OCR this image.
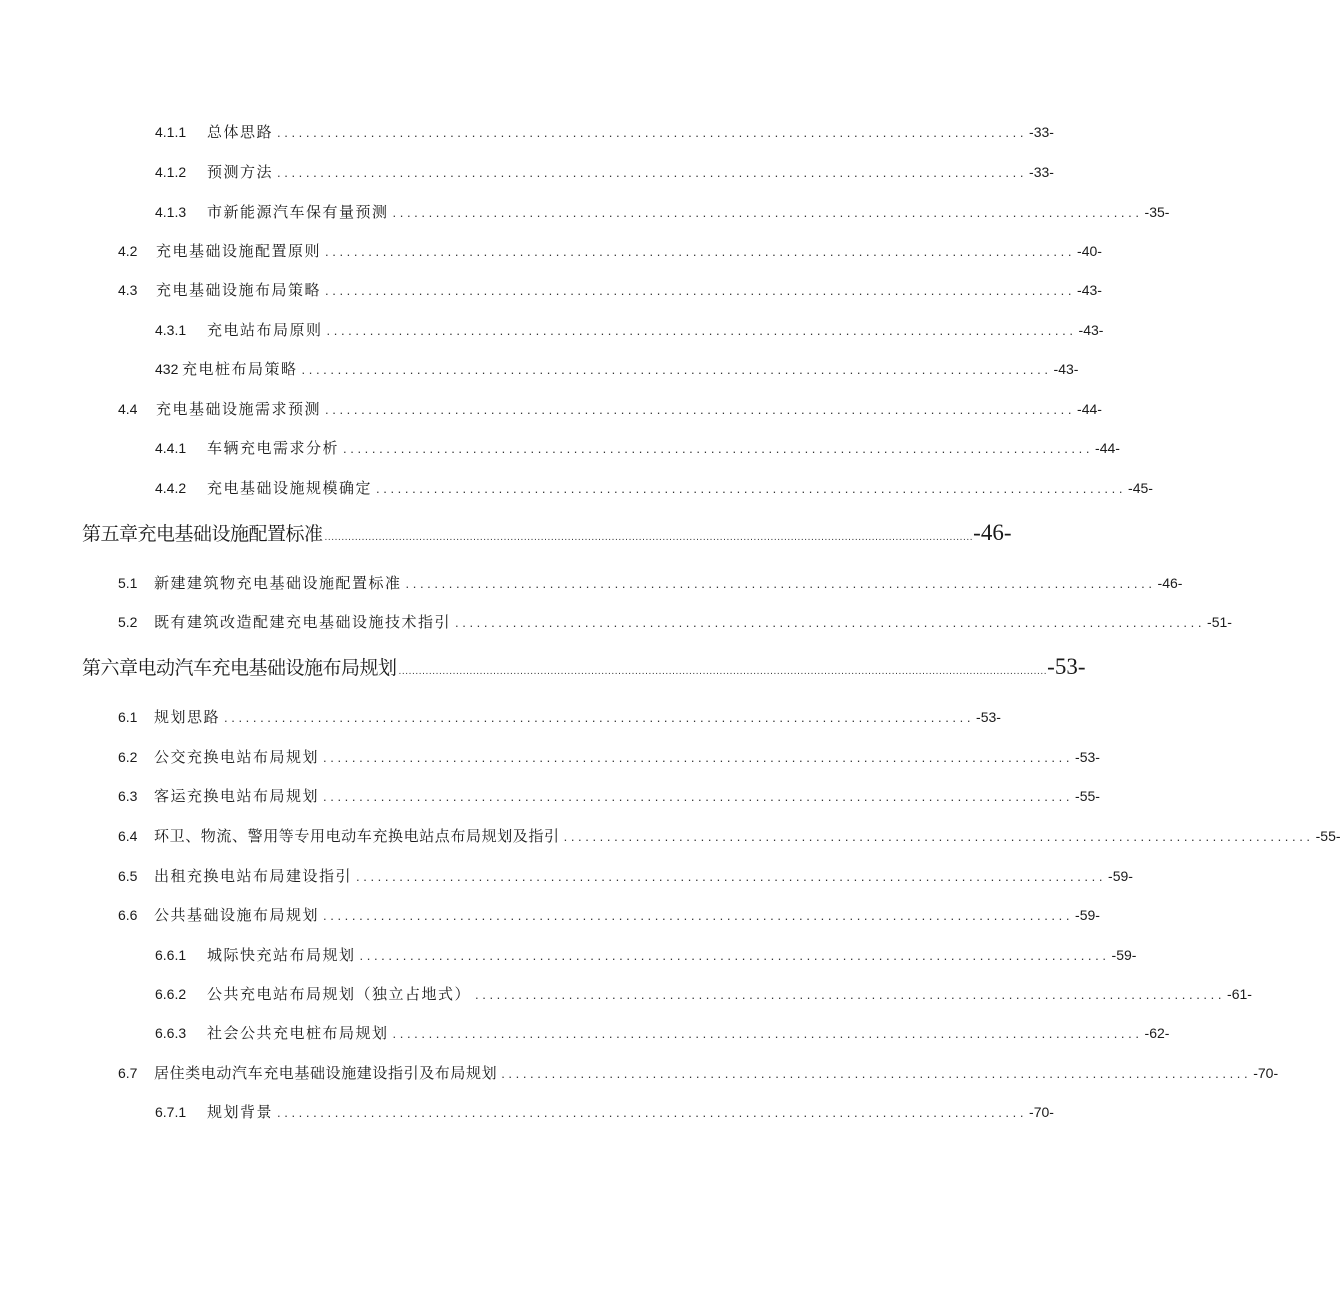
4.1.1	总体思路 ........................................................................................................ -33-
4.1.2	预测方法 ........................................................................................................ -33-
4.1.3	市新能源汽车保有量预测 ........................................................................................................ -35-
4.2	充电基础设施配置原则 ........................................................................................................ -40-
4.3	充电基础设施布局策略 ........................................................................................................ -43-
4.3.1	充电站布局原则 ........................................................................................................ -43-
432 充电桩布局策略 ........................................................................................................ -43-
4.4	充电基础设施需求预测 ........................................................................................................ -44-
4.4.1	车辆充电需求分析 ........................................................................................................ -44-
4.4.2	充电基础设施规模确定 ........................................................................................................ -45-
第五章充电基础设施配置标准 ................................................................................................................................................................................................ -46-
5.1	新建建筑物充电基础设施配置标准 ........................................................................................................ -46-
5.2	既有建筑改造配建充电基础设施技术指引 ........................................................................................................ -51-
第六章电动汽车充电基础设施布局规划 ................................................................................................................................................................................................ -53-
6.1	规划思路 ........................................................................................................ -53-
6.2	公交充换电站布局规划 ........................................................................................................ -53-
6.3	客运充换电站布局规划 ........................................................................................................ -55-
6.4	环卫、物流、警用等专用电动车充换电站点布局规划及指引 ........................................................................................................ -55-
6.5	出租充换电站布局建设指引 ........................................................................................................ -59-
6.6	公共基础设施布局规划 ........................................................................................................ -59-
6.6.1	城际快充站布局规划 ........................................................................................................ -59-
6.6.2	公共充电站布局规划（独立占地式） ........................................................................................................ -61-
6.6.3	社会公共充电桩布局规划 ........................................................................................................ -62-
6.7	居住类电动汽车充电基础设施建设指引及布局规划 ........................................................................................................ -70-
6.7.1	规划背景 ........................................................................................................ -70-
